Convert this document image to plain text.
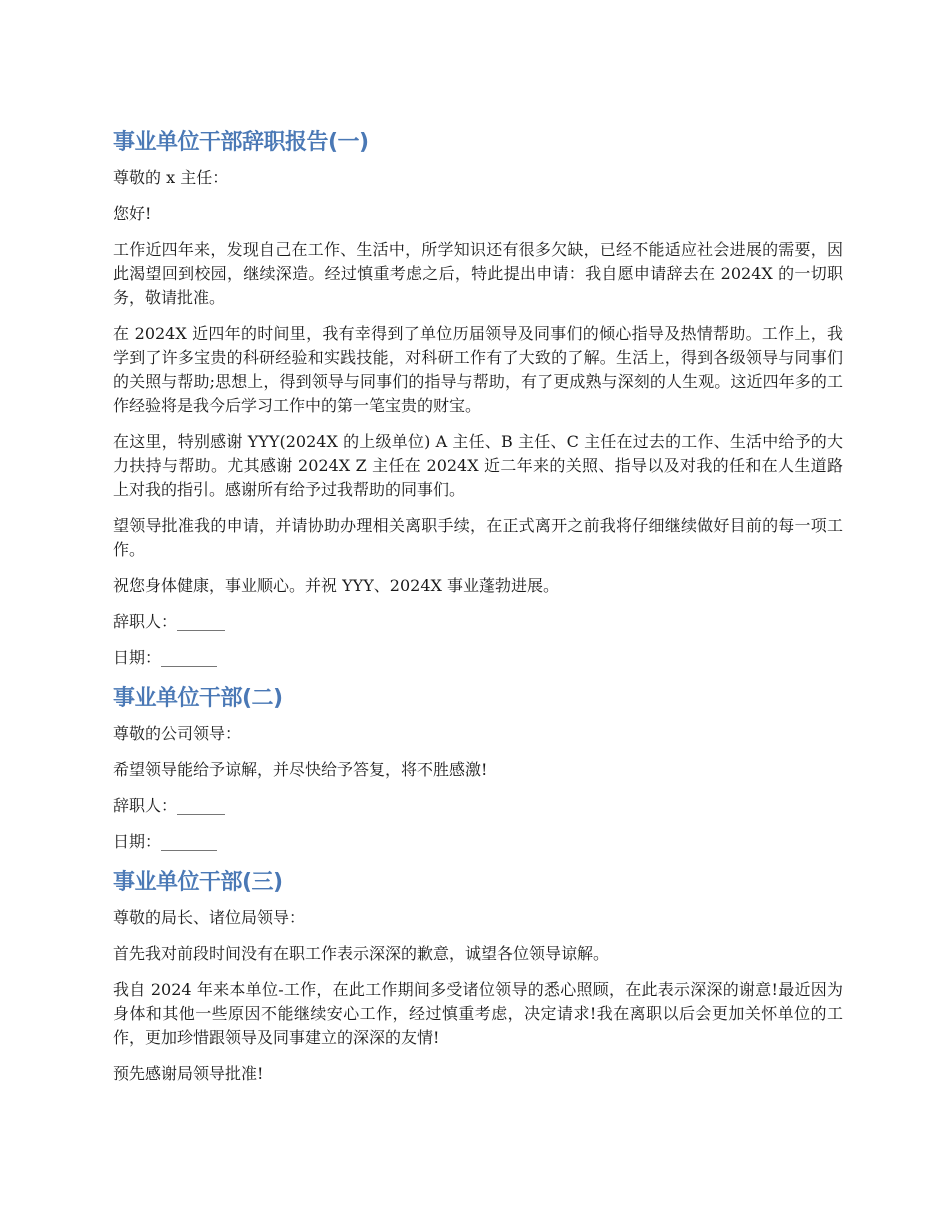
事业单位干部辞职报告(一)

尊敬的 x 主任：

您好!

工作近四年来，发现自己在工作、生活中，所学知识还有很多欠缺，已经不能适应社会进展的需要，因此渴望回到校园，继续深造。经过慎重考虑之后，特此提出申请：我自愿申请辞去在 2024X 的一切职务，敬请批准。

在 2024X 近四年的时间里，我有幸得到了单位历届领导及同事们的倾心指导及热情帮助。工作上，我学到了许多宝贵的科研经验和实践技能，对科研工作有了大致的了解。生活上，得到各级领导与同事们的关照与帮助;思想上，得到领导与同事们的指导与帮助，有了更成熟与深刻的人生观。这近四年多的工作经验将是我今后学习工作中的第一笔宝贵的财宝。

在这里，特别感谢 YYY(2024X 的上级单位) A 主任、B 主任、C 主任在过去的工作、生活中给予的大力扶持与帮助。尤其感谢 2024X Z 主任在 2024X 近二年来的关照、指导以及对我的任和在人生道路上对我的指引。感谢所有给予过我帮助的同事们。

望领导批准我的申请，并请协助办理相关离职手续，在正式离开之前我将仔细继续做好目前的每一项工作。

祝您身体健康，事业顺心。并祝 YYY、2024X 事业蓬勃进展。

辞职人：______

日期：_______

事业单位干部(二)

尊敬的公司领导：

希望领导能给予谅解，并尽快给予答复，将不胜感激!

辞职人：______

日期：_______

事业单位干部(三)

尊敬的局长、诸位局领导：

首先我对前段时间没有在职工作表示深深的歉意，诚望各位领导谅解。

我自 2024 年来本单位-工作，在此工作期间多受诸位领导的悉心照顾，在此表示深深的谢意!最近因为身体和其他一些原因不能继续安心工作，经过慎重考虑，决定请求!我在离职以后会更加关怀单位的工作，更加珍惜跟领导及同事建立的深深的友情!

预先感谢局领导批准!
